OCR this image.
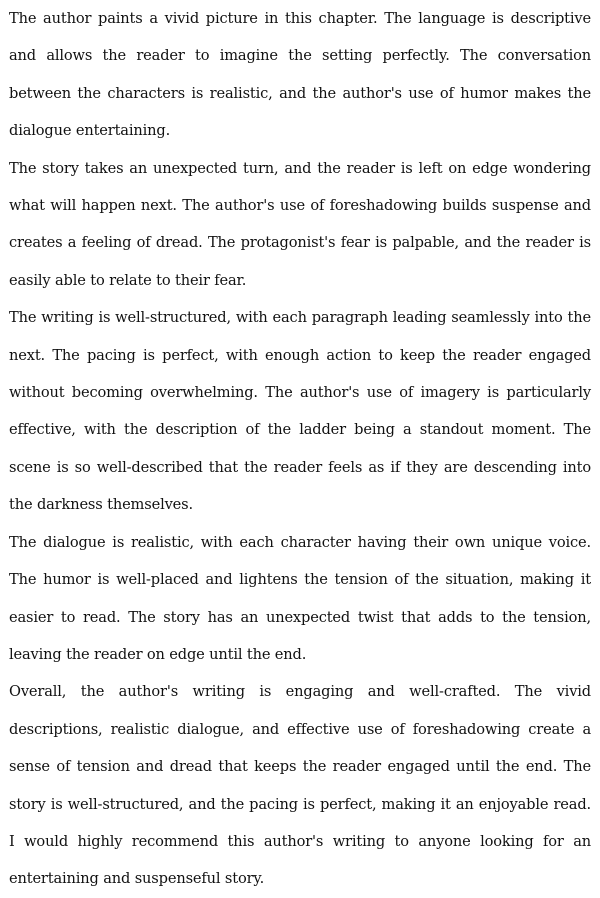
The author paints a vivid picture in this chapter. The language is descriptive and allows the reader to imagine the setting perfectly. The conversation between the characters is realistic, and the author's use of humor makes the dialogue entertaining.

The story takes an unexpected turn, and the reader is left on edge wondering what will happen next. The author's use of foreshadowing builds suspense and creates a feeling of dread. The protagonist's fear is palpable, and the reader is easily able to relate to their fear.

The writing is well-structured, with each paragraph leading seamlessly into the next. The pacing is perfect, with enough action to keep the reader engaged without becoming overwhelming. The author's use of imagery is particularly effective, with the description of the ladder being a standout moment. The scene is so well-described that the reader feels as if they are descending into the darkness themselves.

The dialogue is realistic, with each character having their own unique voice. The humor is well-placed and lightens the tension of the situation, making it easier to read. The story has an unexpected twist that adds to the tension, leaving the reader on edge until the end.

Overall, the author's writing is engaging and well-crafted. The vivid descriptions, realistic dialogue, and effective use of foreshadowing create a sense of tension and dread that keeps the reader engaged until the end. The story is well-structured, and the pacing is perfect, making it an enjoyable read. I would highly recommend this author's writing to anyone looking for an entertaining and suspenseful story.
